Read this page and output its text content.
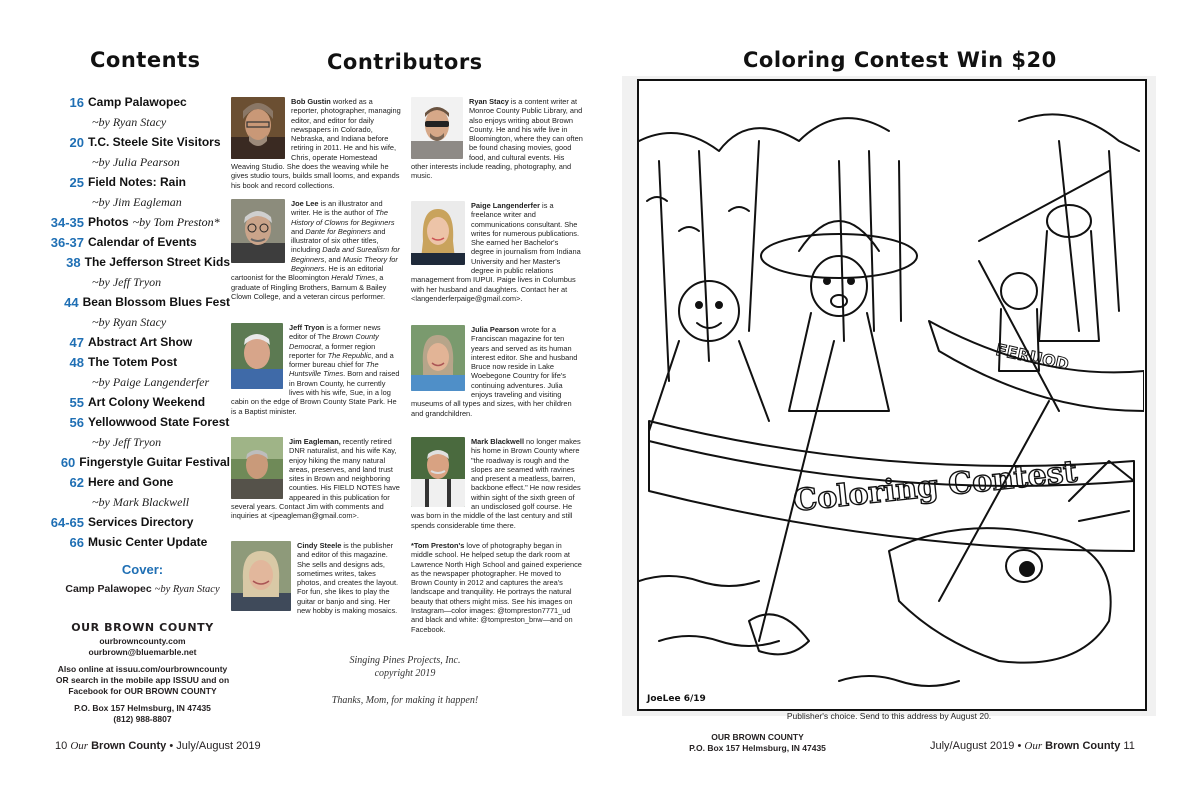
Contents	Contributors
16 Camp Palawopec
~by Ryan Stacy
20 T.C. Steele Site Visitors
~by Julia Pearson
25 Field Notes: Rain
~by Jim Eagleman
34-35 Photos ~by Tom Preston*
36-37 Calendar of Events
38 The Jefferson Street Kids
~by Jeff Tryon
44 Bean Blossom Blues Fest
~by Ryan Stacy
47 Abstract Art Show
48 The Totem Post
~by Paige Langenderfer
55 Art Colony Weekend
56 Yellowwood State Forest
~by Jeff Tryon
60 Fingerstyle Guitar Festival
62 Here and Gone
~by Mark Blackwell
64-65 Services Directory
66 Music Center Update
Cover:
Camp Palawopec ~by Ryan Stacy
OUR BROWN COUNTY
ourbrowncounty.com
ourbrown@bluemarble.net
Also online at issuu.com/ourbrowncounty
OR search in the mobile app ISSUU and on
Facebook for OUR BROWN COUNTY
P.O. Box 157 Helmsburg, IN 47435
(812) 988-8807
10 Our Brown County • July/August 2019
Bob Gustin worked as a reporter, photographer, managing editor, and editor for daily newspapers in Colorado, Nebraska, and Indiana before retiring in 2011. He and his wife, Chris, operate Homestead Weaving Studio. She does the weaving while he gives studio tours, builds small looms, and expands his book and record collections.
Joe Lee is an illustrator and writer. He is the author of The History of Clowns for Beginners and Dante for Beginners and illustrator of six other titles, including Dada and Surealism for Beginners, and Music Theory for Beginners. He is an editorial cartoonist for the Bloomington Herald Times, a graduate of Ringling Brothers, Barnum & Bailey Clown College, and a veteran circus performer.
Jeff Tryon is a former news editor of The Brown County Democrat, a former region reporter for The Republic, and a former bureau chief for The Huntsville Times. Born and raised in Brown County, he currently lives with his wife, Sue, in a log cabin on the edge of Brown County State Park. He is a Baptist minister.
Jim Eagleman, recently retired DNR naturalist, and his wife Kay, enjoy hiking the many natural areas, preserves, and land trust sites in Brown and neighboring counties. His FIELD NOTES have appeared in this publication for several years. Contact Jim with comments and inquiries at <jpeagleman@gmail.com>.
Cindy Steele is the publisher and editor of this magazine. She sells and designs ads, sometimes writes, takes photos, and creates the layout. For fun, she likes to play the guitar or banjo and sing. Her new hobby is making mosaics.
Ryan Stacy is a content writer at Monroe County Public Library, and also enjoys writing about Brown County. He and his wife live in Bloomington, where they can often be found chasing movies, good food, and cultural events. His other interests include reading, photography, and music.
Paige Langenderfer is a freelance writer and communications consultant. She writes for numerous publications. She earned her Bachelor's degree in journalism from Indiana University and her Master's degree in public relations management from IUPUI. Paige lives in Columbus with her husband and daughters. Contact her at <langenderferpaige@gmail.com>.
Julia Pearson wrote for a Franciscan magazine for ten years and served as its human interest editor. She and husband Bruce now reside in Lake Woebegone Country for life's continuing adventures. Julia enjoys traveling and visiting museums of all types and sizes, with her children and grandchildren.
Mark Blackwell no longer makes his home in Brown County where "the roadway is rough and the slopes are seamed with ravines and present a meatless, barren, backbone effect." He now resides within sight of the sixth green of an undisclosed golf course. He was born in the middle of the last century and still spends considerable time there.
*Tom Preston's love of photography began in middle school. He helped setup the dark room at Lawrence North High School and gained experience as the newspaper photographer. He moved to Brown County in 2012 and captures the area's landscape and tranquility. He portrays the natural beauty that others might miss. See his images on Instagram—color images: @tompreston7771_ud and black and white: @tompreston_bnw—and on Facebook.
Singing Pines Projects, Inc.
copyright 2019
Thanks, Mom, for making it happen!
Coloring Contest Win $20
Coloring Contest
FERUOD
JoeLee 6/19
Publisher's choice. Send to this address by August 20.
OUR BROWN COUNTY
P.O. Box 157 Helmsburg, IN 47435	July/August 2019 • Our Brown County 11
